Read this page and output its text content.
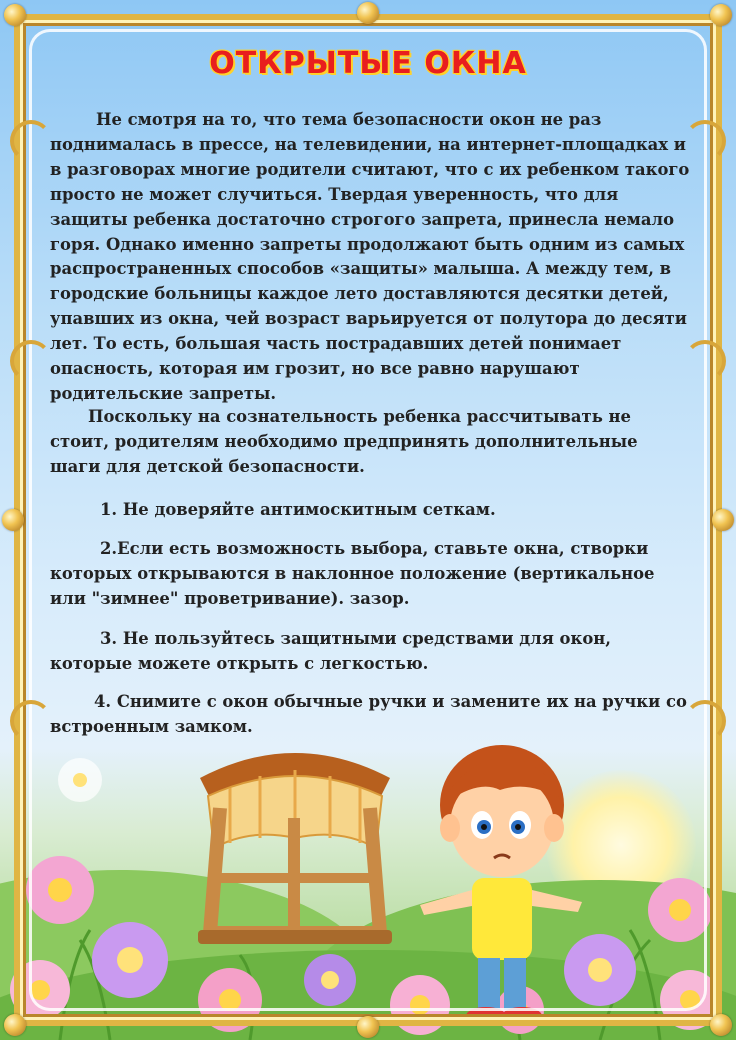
ОТКРЫТЫЕ ОКНА
Не смотря на то, что тема безопасности окон не раз поднималась в прессе, на телевидении, на интернет-площадках и в разговорах многие родители считают, что с их ребенком такого просто не может случиться. Твердая уверенность, что для защиты ребенка достаточно строгого запрета, принесла немало горя. Однако именно запреты продолжают быть одним из самых распространенных способов «защиты» малыша. А между тем, в городские больницы каждое лето доставляются десятки детей, упавших из окна, чей возраст варьируется от полутора до десяти лет. То есть, большая часть пострадавших детей понимает опасность, которая им грозит, но все равно нарушают родительские запреты.
Поскольку на сознательность ребенка рассчитывать не стоит, родителям необходимо предпринять дополнительные шаги для детской безопасности.
1. Не доверяйте антимоскитным сеткам.
2.Если есть возможность выбора, ставьте окна, створки которых открываются в наклонное положение (вертикальное или "зимнее" проветривание). зазор.
3. Не пользуйтесь защитными средствами для окон, которые можете открыть с легкостью.
4. Снимите с окон обычные ручки и замените их на ручки со встроенным замком.
